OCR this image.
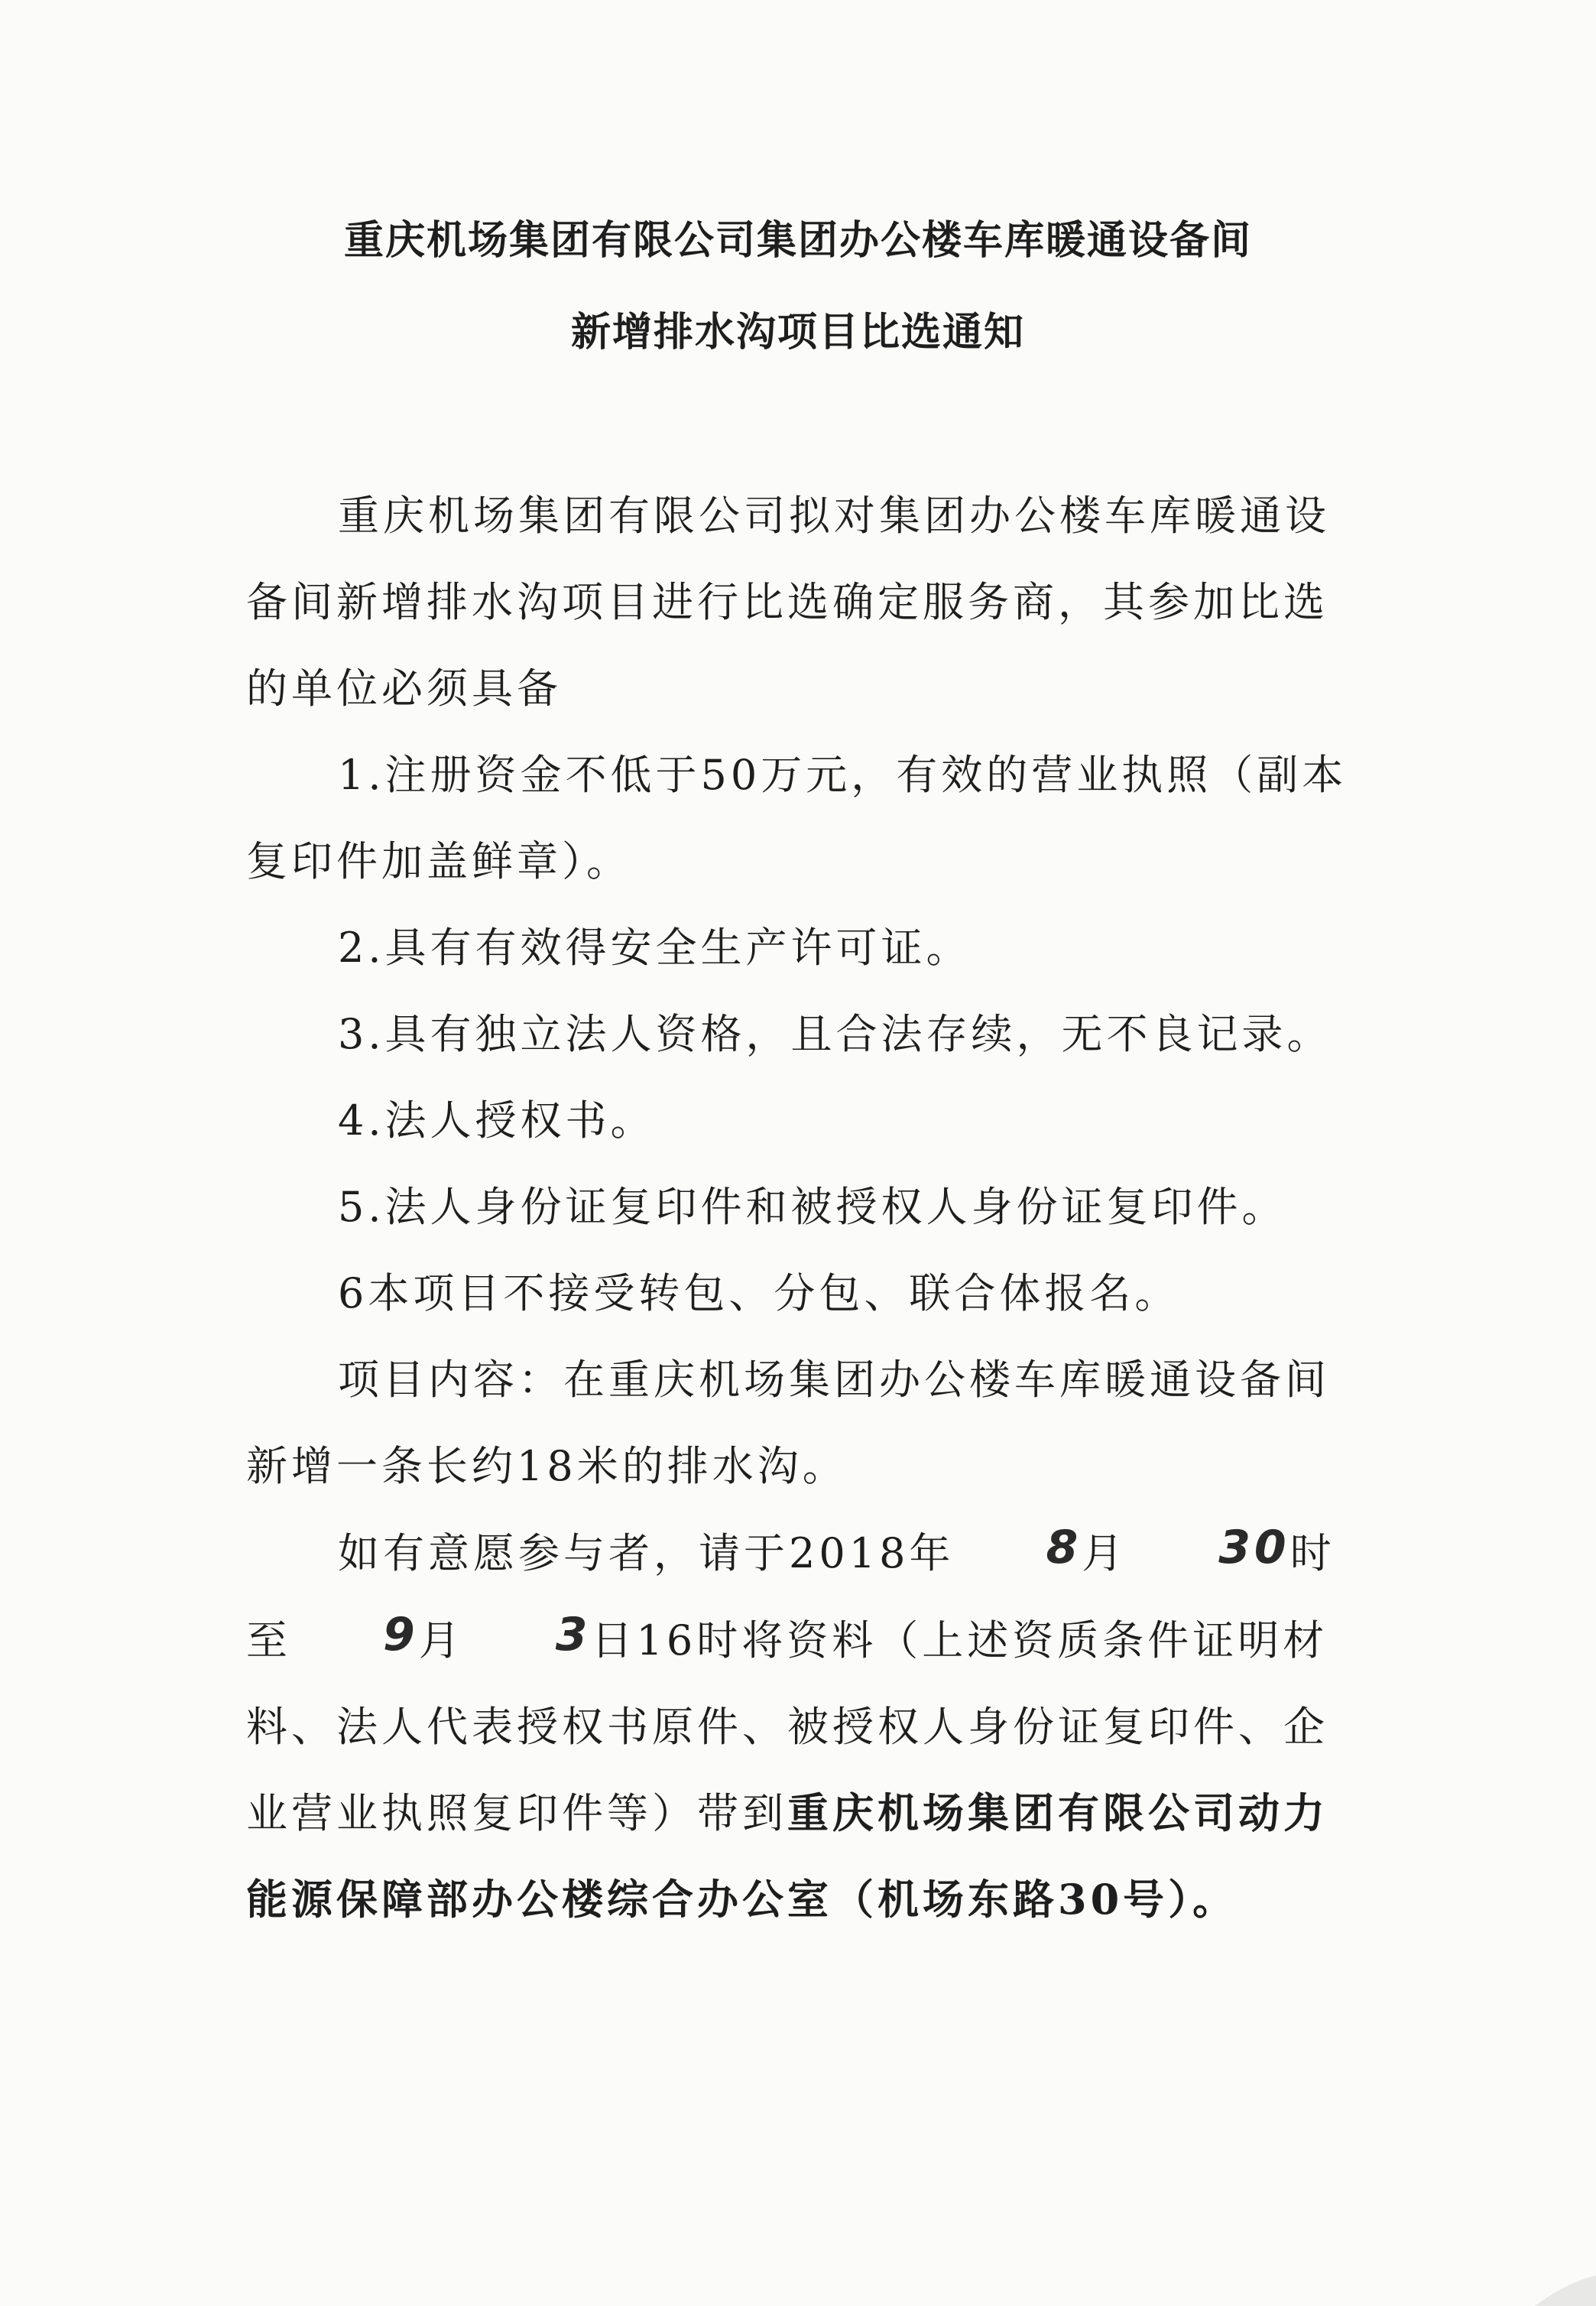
重庆机场集团有限公司集团办公楼车库暖通设备间
新增排水沟项目比选通知

重庆机场集团有限公司拟对集团办公楼车库暖通设备间新增排水沟项目进行比选确定服务商，其参加比选的单位必须具备

1.注册资金不低于50万元，有效的营业执照（副本复印件加盖鲜章）。

2.具有有效得安全生产许可证。

3.具有独立法人资格，且合法存续，无不良记录。

4.法人授权书。

5.法人身份证复印件和被授权人身份证复印件。

6本项目不接受转包、分包、联合体报名。

项目内容：在重庆机场集团办公楼车库暖通设备间新增一条长约18米的排水沟。

如有意愿参与者，请于2018年 8月 30时至 9月 3日16时将资料（上述资质条件证明材料、法人代表授权书原件、被授权人身份证复印件、企业营业执照复印件等）带到重庆机场集团有限公司动力能源保障部办公楼综合办公室（机场东路30号）。
